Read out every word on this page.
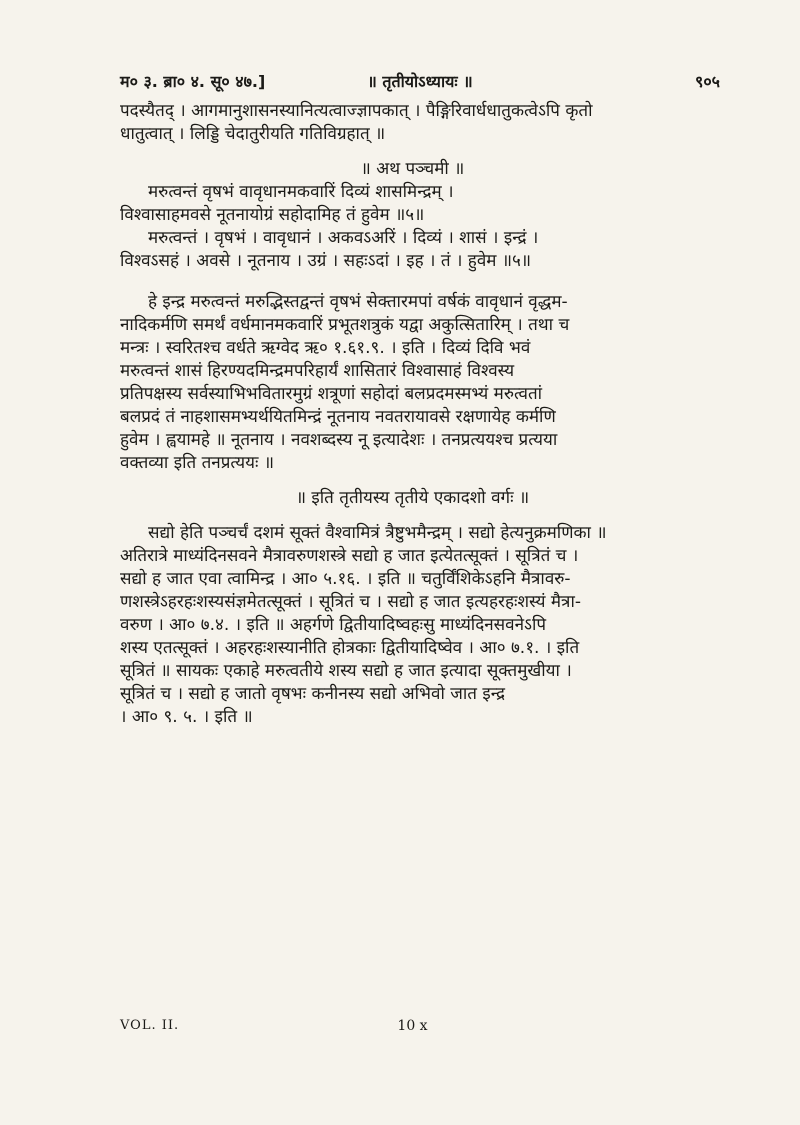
म० ३. ब्रा० ४. सू० ४७.]	॥ तृतीयोऽध्यायः ॥	९०५
पदस्यैतद् । आगमानुशासनस्यानित्यत्वाज्ज्ञापकात् । पैङ्गिरिवार्धधातुकत्वेऽपि कृतो
धातुत्वात् । लिड्डि चेदातुरीयति गतिविग्रहात् ॥
॥ अथ पञ्चमी ॥
मरुत्वन्तं वृषभं वावृधानमकवारिं दिव्यं शासमिन्द्रम् ।
विश्वासाहमवसे नूतनायोग्रं सहोदामिह तं हुवेम ॥५॥
मरुत्वन्तं । वृषभं । वावृधानं । अकवऽअरिं । दिव्यं । शासं । इन्द्रं ।
विश्वऽसहं । अवसे । नूतनाय । उग्रं । सहःऽदां । इह । तं । हुवेम ॥५॥
हे इन्द्र मरुत्वन्तं मरुद्भिस्तद्वन्तं वृषभं सेक्तारमपां वर्षकं वावृधानं वृद्धम-
नादिकर्मणि समर्थं वर्धमानमकवारिं प्रभूतशत्रुकं यद्वा अकुत्सितारिम् । तथा च
मन्त्रः । स्वरितश्च वर्धते ऋग्वेद ऋ० १.६१.९. । इति । दिव्यं दिवि भवं
मरुत्वन्तं शासं हिरण्यदमिन्द्रमपरिहार्यं शासितारं विश्वासाहं विश्वस्य
प्रतिपक्षस्य सर्वस्याभिभवितारमुग्रं शत्रूणां सहोदां बलप्रदमस्मभ्यं मरुत्वतां
बलप्रदं तं नाहशासमभ्यर्थयितमिन्द्रं नूतनाय नवतरायावसे रक्षणायेह कर्मणि
हुवेम । ह्वयामहे ॥ नूतनाय । नवशब्दस्य नू इत्यादेशः । तनप्रत्ययश्च प्रत्यया
वक्तव्या इति तनप्रत्ययः ॥
॥ इति तृतीयस्य तृतीये एकादशो वर्गः ॥
सद्यो हेति पञ्चर्चं दशमं सूक्तं वैश्वामित्रं त्रैष्टुभमैन्द्रम् । सद्यो हेत्यनुक्रमणिका ॥
अतिरात्रे माध्यंदिनसवने मैत्रावरुणशस्त्रे सद्यो ह जात इत्येतत्सूक्तं । सूत्रितं च ।
सद्यो ह जात एवा त्वामिन्द्र । आ० ५.१६. । इति ॥ चतुर्विंशिकेऽहनि मैत्रावरु-
णशस्त्रेऽहरहःशस्यसंज्ञमेतत्सूक्तं । सूत्रितं च । सद्यो ह जात इत्यहरहःशस्यं मैत्रा-
वरुण । आ० ७.४. । इति ॥ अहर्गणे द्वितीयादिष्वहःसु माध्यंदिनसवनेऽपि
शस्य एतत्सूक्तं । अहरहःशस्यानीति होत्रकाः द्वितीयादिष्वेव । आ० ७.१. । इति
सूत्रितं ॥ सायकः एकाहे मरुत्वतीये शस्य सद्यो ह जात इत्यादा सूक्तमुखीया ।
सूत्रितं च । सद्यो ह जातो वृषभः कनीनस्य सद्यो अभिवो जात इन्द्र
। आ० ९. ५. । इति ॥
VOL. II.	10 x
